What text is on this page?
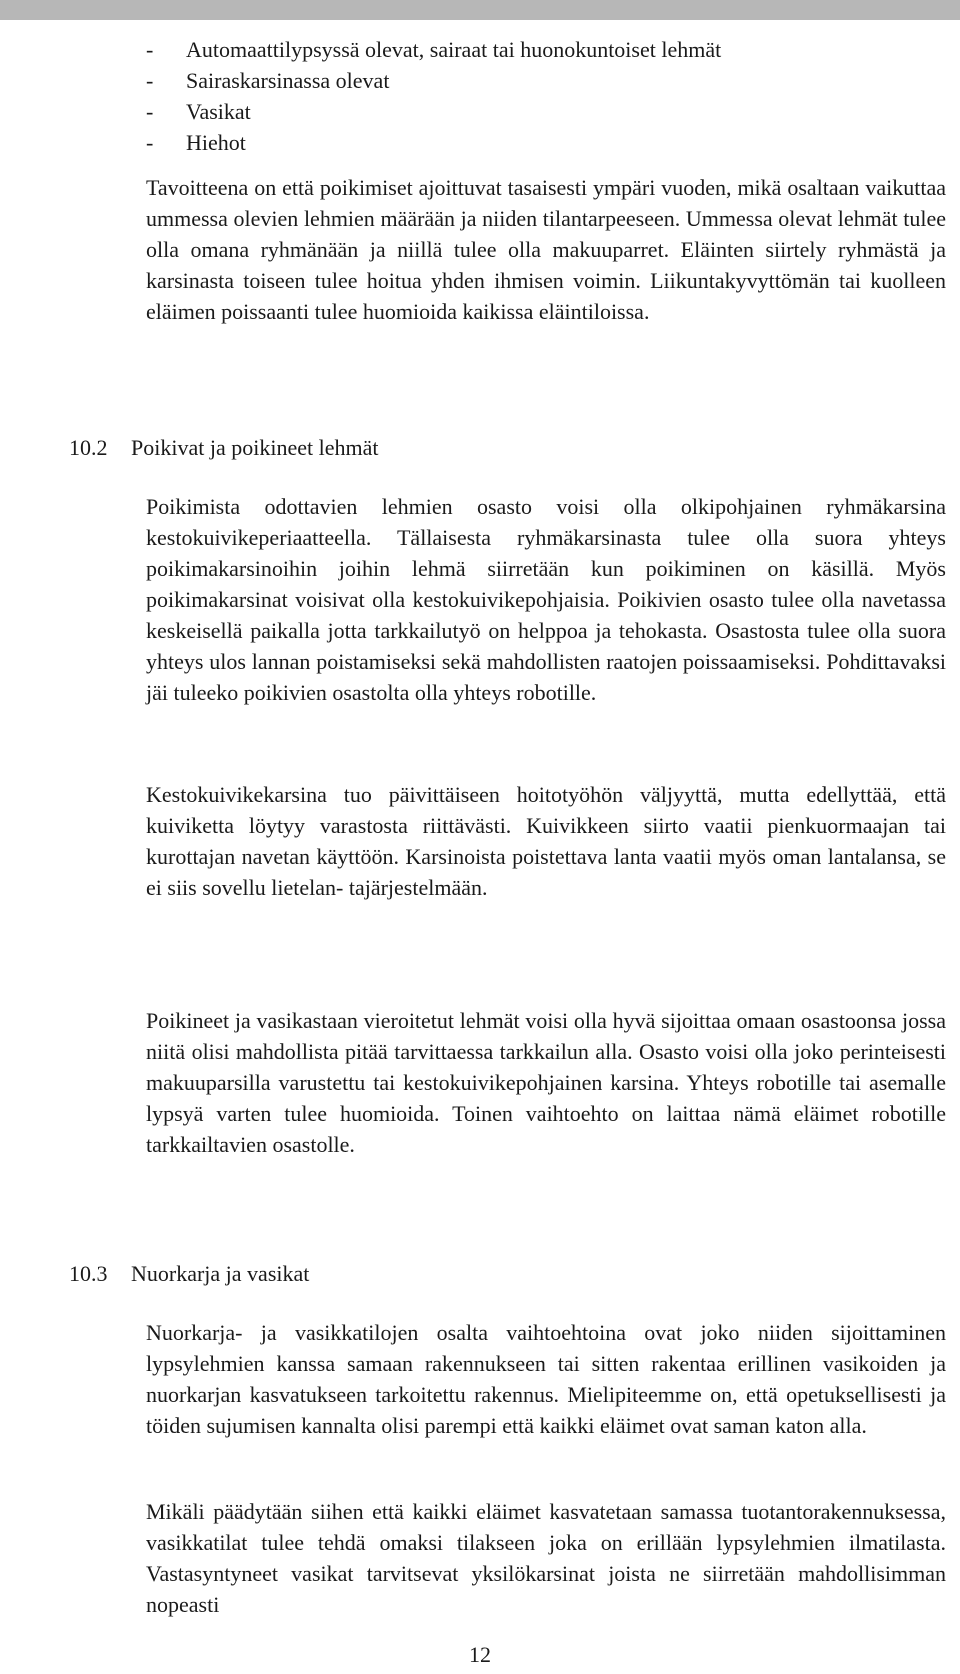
-	Automaattilypsyssä olevat, sairaat tai huonokuntoiset lehmät
-	Sairaskarsinassa olevat
-	Vasikat
-	Hiehot

Tavoitteena on että poikimiset ajoittuvat tasaisesti ympäri vuoden, mikä osaltaan vaikuttaa ummessa olevien lehmien määrään ja niiden tilantarpeeseen. Ummessa olevat lehmät tulee olla omana ryhmänään ja niillä tulee olla makuuparret. Eläinten siirtely ryhmästä ja karsinasta toiseen tulee hoitua yhden ihmisen voimin. Liikuntakyvyttömän tai kuolleen eläimen poissaanti tulee huomioida kaikissa eläintiloissa.

10.2 Poikivat ja poikineet lehmät

Poikimista odottavien lehmien osasto voisi olla olkipohjainen ryhmäkarsina kestokuivikeperiaatteella. Tällaisesta ryhmäkarsinasta tulee olla suora yhteys poikimakarsinoihin joihin lehmä siirretään kun poikiminen on käsillä. Myös poikimakarsinat voisivat olla kestokuivikepohjaisia. Poikivien osasto tulee olla navetassa keskeisellä paikalla jotta tarkkailutyö on helppoa ja tehokasta. Osastosta tulee olla suora yhteys ulos lannan poistamiseksi sekä mahdollisten raatojen poissaamiseksi. Pohdittavaksi jäi tuleeko poikivien osastolta olla yhteys robotille.

Kestokuivikekarsina tuo päivittäiseen hoitotyöhön väljyyttä, mutta edellyttää, että kuiviketta löytyy varastosta riittävästi. Kuivikkeen siirto vaatii pienkuormaajan tai kurottajan navetan käyttöön. Karsinoista poistettava lanta vaatii myös oman lantalansa, se ei siis sovellu lietelan- tajärjestelmään.

Poikineet ja vasikastaan vieroitetut lehmät voisi olla hyvä sijoittaa omaan osastoonsa jossa niitä olisi mahdollista pitää tarvittaessa tarkkailun alla. Osasto voisi olla joko perinteisesti makuuparsilla varustettu tai kestokuivikepohjainen karsina. Yhteys robotille tai asemalle lypsyä varten tulee huomioida. Toinen vaihtoehto on laittaa nämä eläimet robotille tarkkailtavien osastolle.

10.3 Nuorkarja ja vasikat

Nuorkarja- ja vasikkatilojen osalta vaihtoehtoina ovat joko niiden sijoittaminen lypsylehmien kanssa samaan rakennukseen tai sitten rakentaa erillinen vasikoiden ja nuorkarjan kasvatukseen tarkoitettu rakennus. Mielipiteemme on, että opetuksellisesti ja töiden sujumisen kannalta olisi parempi että kaikki eläimet ovat saman katon alla.

Mikäli päädytään siihen että kaikki eläimet kasvatetaan samassa tuotantorakennuksessa, vasikkatilat tulee tehdä omaksi tilakseen joka on erillään lypsylehmien ilmatilasta. Vastasyntyneet vasikat tarvitsevat yksilökarsinat joista ne siirretään mahdollisimman nopeasti

12
